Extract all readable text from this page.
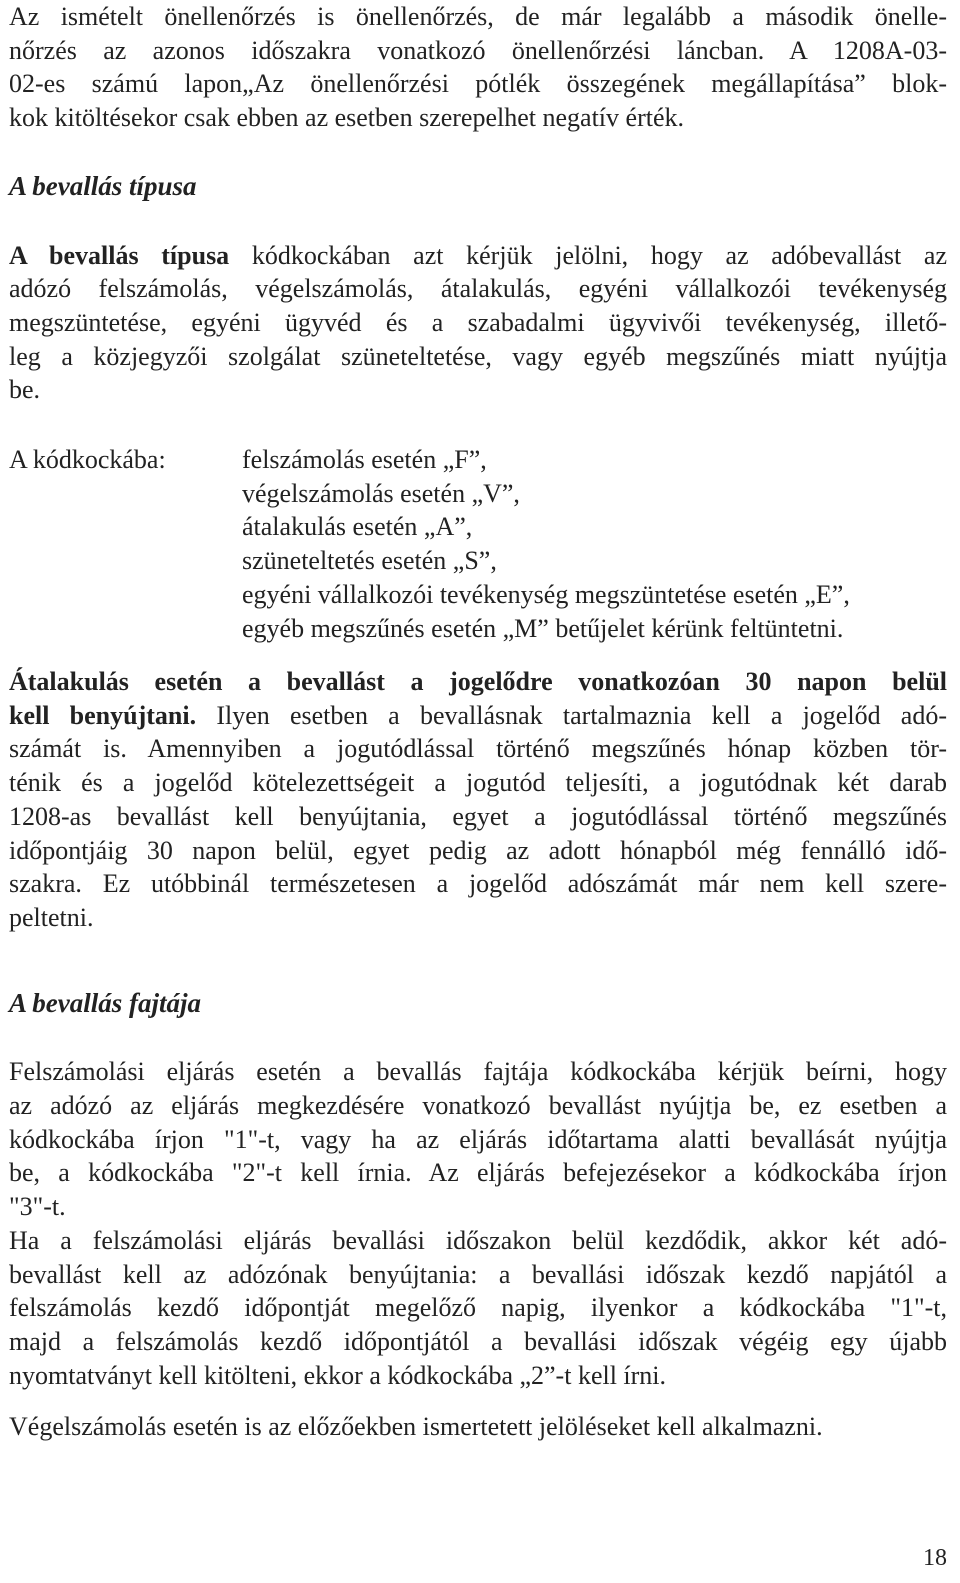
Az ismételt önellenőrzés is önellenőrzés, de már legalább a második önelle-

nőrzés az azonos időszakra vonatkozó önellenőrzési láncban. A 1208A-03-

02-es számú lapon„Az önellenőrzési pótlék összegének megállapítása” blok-

kok kitöltésekor csak ebben az esetben szerepelhet negatív érték.

A bevallás típusa

A bevallás típusa kódkockában azt kérjük jelölni, hogy az adóbevallást az

adózó felszámolás, végelszámolás, átalakulás, egyéni vállalkozói tevékenység

megszüntetése, egyéni ügyvéd és a szabadalmi ügyvivői tevékenység, illető-

leg a közjegyzői szolgálat szüneteltetése, vagy egyéb megszűnés miatt nyújtja

be.

A kódkockába:	felszámolás esetén „F”,

végelszámolás esetén „V”,

átalakulás esetén „A”,

szüneteltetés esetén „S”,

egyéni vállalkozói tevékenység megszüntetése esetén „E”,

egyéb megszűnés esetén „M” betűjelet kérünk feltüntetni.

Átalakulás esetén a bevallást a jogelődre vonatkozóan 30 napon belül

kell benyújtani. Ilyen esetben a bevallásnak tartalmaznia kell a jogelőd adó-

számát is. Amennyiben a jogutódlással történő megszűnés hónap közben tör-

ténik és a jogelőd kötelezettségeit a jogutód teljesíti, a jogutódnak két darab

1208-as bevallást kell benyújtania, egyet a jogutódlással történő megszűnés

időpontjáig 30 napon belül, egyet pedig az adott hónapból még fennálló idő-

szakra. Ez utóbbinál természetesen a jogelőd adószámát már nem kell szere-

peltetni.

A bevallás fajtája

Felszámolási eljárás esetén a bevallás fajtája kódkockába kérjük beírni, hogy

az adózó az eljárás megkezdésére vonatkozó bevallást nyújtja be, ez esetben a

kódkockába írjon "1"-t, vagy ha az eljárás időtartama alatti bevallását nyújtja

be, a kódkockába "2"-t kell írnia. Az eljárás befejezésekor a kódkockába írjon

"3"-t.

Ha a felszámolási eljárás bevallási időszakon belül kezdődik, akkor két adó-

bevallást kell az adózónak benyújtania: a bevallási időszak kezdő napjától a

felszámolás kezdő időpontját megelőző napig, ilyenkor a kódkockába "1"-t,

majd a felszámolás kezdő időpontjától a bevallási időszak végéig egy újabb

nyomtatványt kell kitölteni, ekkor a kódkockába „2”-t kell írni.

Végelszámolás esetén is az előzőekben ismertetett jelöléseket kell alkalmazni.

18
